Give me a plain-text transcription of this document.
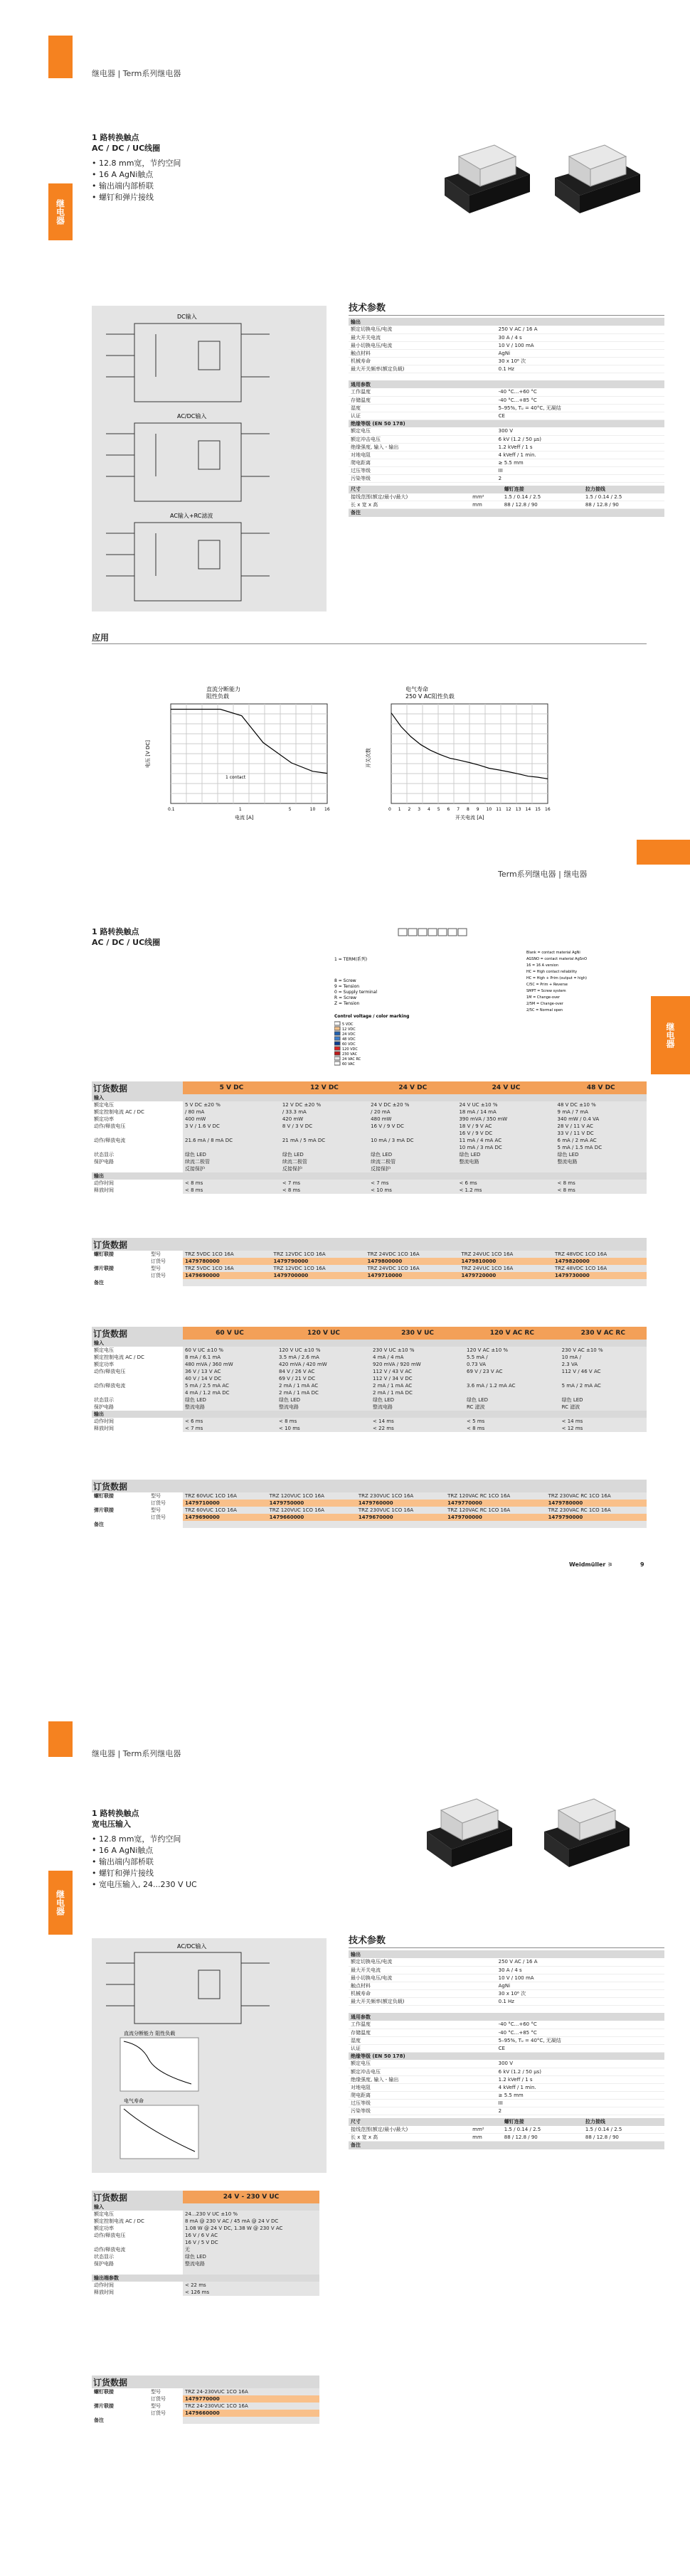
继电器 | Term系列继电器
继电器
1 路转换触点
AC / DC / UC线圈
• 12.8 mm宽，节约空间
• 16 A AgNi触点
• 输出端内部桥联
• 螺钉和弹片接线
DC输入
AC/DC输入
AC输入+RC滤波
技术参数
输出	
额定切换电压/电流	250 V AC / 16 A
最大开关电流	30 A / 4 s
最小切换电压/电流	10 V / 100 mA
触点材料	AgNi
机械寿命	30 x 10⁶ 次
最大开关频率(额定负载)	0.1 Hz

通用参数	
工作温度	-40 °C...+60 °C
存储温度	-40 °C...+85 °C
湿度	5–95%, Tᵤ = 40°C, 无凝结
认证	CE
绝缘等级 (EN 50 178)	
额定电压	300 V
额定冲击电压	6 kV (1.2 / 50 µs)
绝缘强度, 输入 - 输出	1.2 kVeff / 1 s
对地电阻	4 kVeff / 1 min.
爬电距离	≥ 5.5 mm
过压等级	III
污染等级	2
尺寸		螺钉连接	拉力接线
接线范围(额定/最小/最大)	mm²	1.5 / 0.14 / 2.5	1.5 / 0.14 / 2.5
长 x 宽 x 高	mm	88 / 12.8 / 90	88 / 12.8 / 90
备注			
应用
直流分断能力阻性负载
0.1	1	5	10 16
电流 [A]
电压 [V DC]
1 contact
电气寿命 250 V AC阻性负载
0 1 2 3 4 5 6 7 8 9 10 11 12 13 14 15 16
开关电流 [A]
开关次数
Term系列继电器 | 继电器
继电器
1 路转换触点
AC / DC / UC线圈
1 = TERM(系列)
8 = Screw
9 = Tension
0 = Supply terminal
R = Screw
Z = Tension
Control voltage / color marking
5 VDC
12 VDC
24 VDC
48 VDC
60 VDC
120 VDC
230 VAC
24 VAC RC
60 VAC
Blank = contact material AgNi
AGSNO = contact material AgSnO
16 = 16 A version
HC = High contact reliability
HC = High + Prim (output = high)
C/5C = Prim + Reverse
SMPT = Screw system
1M = Change-over
2/5M = Change-over
2/5C = Normal open
订货数据	5 V DC	12 V DC	24 V DC	24 V UC	48 V DC
输入					
额定电压	5 V DC ±20 %	12 V DC ±20 %	24 V DC ±20 %	24 V UC ±10 %	48 V DC ±10 %
额定控制电流 AC / DC	/ 80 mA	/ 33.3 mA	/ 20 mA	18 mA / 14 mA	9 mA / 7 mA
额定功率	400 mW	420 mW	480 mW	390 mVA / 350 mW	340 mW / 0.4 VA
动作/释放电压	3 V / 1.6 V DC	8 V / 3 V DC	16 V / 9 V DC	18 V / 9 V AC	28 V / 11 V AC
				16 V / 9 V DC	33 V / 11 V DC
动作/释放电流	21.6 mA / 8 mA DC	21 mA / 5 mA DC	10 mA / 3 mA DC	11 mA / 4 mA AC	6 mA / 2 mA AC
				10 mA / 3 mA DC	5 mA / 1.5 mA DC
状态显示	绿色 LED	绿色 LED	绿色 LED	绿色 LED	绿色 LED
保护电路	续流二极管	续流二极管	续流二极管	整流电路	整流电路
	反接保护	反接保护	反接保护		
输出					
动作时间	< 8 ms	< 7 ms	< 7 ms	< 6 ms	< 8 ms
释放时间	< 8 ms	< 8 ms	< 10 ms	< 1.2 ms	< 8 ms
订货数据						
螺钉联接	型号	TRZ 5VDC 1CO 16A	TRZ 12VDC 1CO 16A	TRZ 24VDC 1CO 16A	TRZ 24VUC 1CO 16A	TRZ 48VDC 1CO 16A
	订货号	1479780000	1479790000	1479800000	1479810000	1479820000
弹片联接	型号	TRZ 5VDC 1CO 16A	TRZ 12VDC 1CO 16A	TRZ 24VDC 1CO 16A	TRZ 24VUC 1CO 16A	TRZ 48VDC 1CO 16A
	订货号	1479690000	1479700000	1479710000	1479720000	1479730000
备注						
订货数据	60 V UC	120 V UC	230 V UC	120 V AC RC	230 V AC RC
输入					
额定电压	60 V UC ±10 %	120 V UC ±10 %	230 V UC ±10 %	120 V AC ±10 %	230 V AC ±10 %
额定控制电流 AC / DC	8 mA / 6.1 mA	3.5 mA / 2.6 mA	4 mA / 4 mA	5.5 mA /	10 mA /
额定功率	480 mVA / 360 mW	420 mVA / 420 mW	920 mVA / 920 mW	0.73 VA	2.3 VA
动作/释放电压	36 V / 13 V AC	84 V / 26 V AC	112 V / 43 V AC	69 V / 23 V AC	112 V / 46 V AC
	40 V / 14 V DC	69 V / 21 V DC	112 V / 34 V DC		
动作/释放电流	5 mA / 2.5 mA AC	2 mA / 1 mA AC	2 mA / 1 mA AC	3.6 mA / 1.2 mA AC	5 mA / 2 mA AC
	4 mA / 1.2 mA DC	2 mA / 1 mA DC	2 mA / 1 mA DC		
状态显示	绿色 LED	绿色 LED	绿色 LED	绿色 LED	绿色 LED
保护电路	整流电路	整流电路	整流电路	RC 滤波	RC 滤波
输出					
动作时间	< 6 ms	< 8 ms	< 14 ms	< 5 ms	< 14 ms
释放时间	< 7 ms	< 10 ms	< 22 ms	< 8 ms	< 12 ms
订货数据						
螺钉联接	型号	TRZ 60VUC 1CO 16A	TRZ 120VUC 1CO 16A	TRZ 230VUC 1CO 16A	TRZ 120VAC RC 1CO 16A	TRZ 230VAC RC 1CO 16A
	订货号	1479710000	1479750000	1479760000	1479770000	1479780000
弹片联接	型号	TRZ 60VUC 1CO 16A	TRZ 120VUC 1CO 16A	TRZ 230VUC 1CO 16A	TRZ 120VAC RC 1CO 16A	TRZ 230VAC RC 1CO 16A
	订货号	1479690000	1479660000	1479670000	1479700000	1479790000
备注						
Weidmüller ⚞	9
继电器 | Term系列继电器
继电器
1 路转换触点
宽电压输入
• 12.8 mm宽，节约空间
• 16 A AgNi触点
• 输出端内部桥联
• 螺钉和弹片接线
• 宽电压输入, 24...230 V UC
AC/DC输入
直流分断能力 阻性负载
电气寿命
技术参数
输出	
额定切换电压/电流	250 V AC / 16 A
最大开关电流	30 A / 4 s
最小切换电压/电流	10 V / 100 mA
触点材料	AgNi
机械寿命	30 x 10⁶ 次
最大开关频率(额定负载)	0.1 Hz

通用参数	
工作温度	-40 °C...+60 °C
存储温度	-40 °C...+85 °C
湿度	5–95%, Tᵤ = 40°C, 无凝结
认证	CE
绝缘等级 (EN 50 178)	
额定电压	300 V
额定冲击电压	6 kV (1.2 / 50 µs)
绝缘强度, 输入 - 输出	1.2 kVeff / 1 s
对地电阻	4 kVeff / 1 min.
爬电距离	≥ 5.5 mm
过压等级	III
污染等级	2
尺寸		螺钉连接	拉力接线
接线范围(额定/最小/最大)	mm²	1.5 / 0.14 / 2.5	1.5 / 0.14 / 2.5
长 x 宽 x 高	mm	88 / 12.8 / 90	88 / 12.8 / 90
备注			
订货数据	24 V - 230 V UC
输入	
额定电压	24...230 V UC ±10 %
额定控制电流 AC / DC	8 mA @ 230 V AC / 45 mA @ 24 V DC
额定功率	1.08 W @ 24 V DC, 1.38 W @ 230 V AC
动作/释放电压	16 V / 6 V AC
	16 V / 5 V DC
动作/释放电流	无
状态显示	绿色 LED
保护电路	整流电路

输出端参数	
动作时间	< 22 ms
释放时间	< 126 ms
订货数据		
螺钉联接	型号	TRZ 24-230VUC 1CO 16A
	订货号	1479770000
弹片联接	型号	TRZ 24-230VUC 1CO 16A
	订货号	1479660000
备注		
